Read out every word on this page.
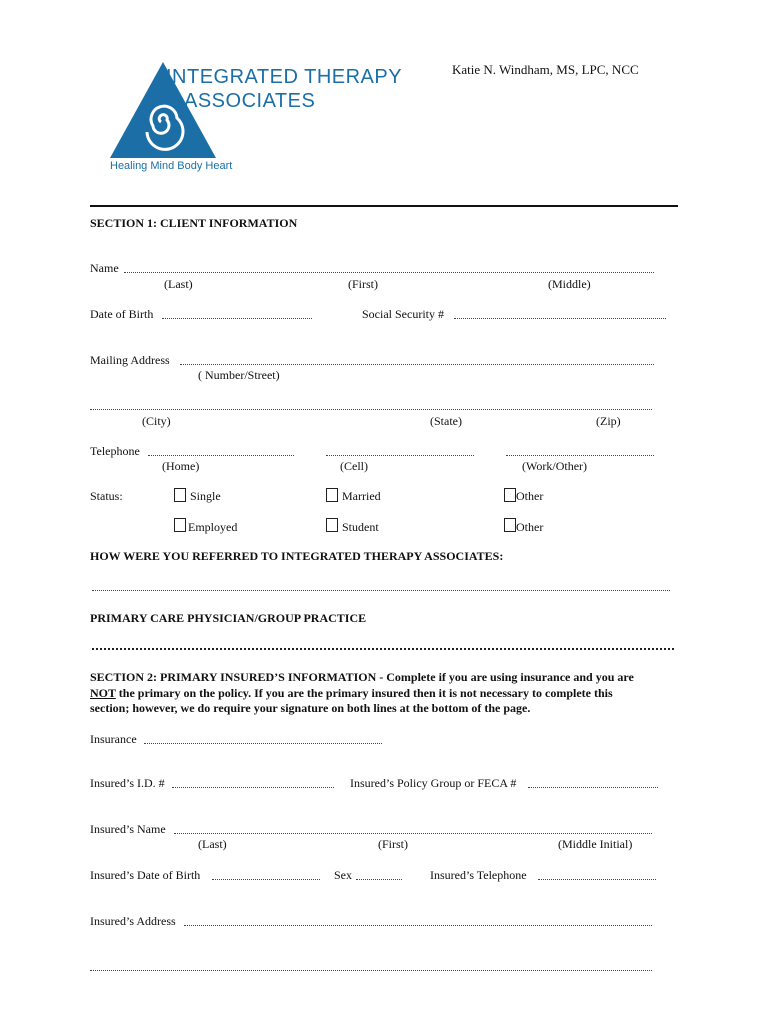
INTEGRATED THERAPY
ASSOCIATES
Healing Mind Body Heart
Katie N. Windham, MS, LPC, NCC
SECTION 1: CLIENT INFORMATION
Name
(Last)	(First)	(Middle)
Date of Birth	Social Security #
Mailing Address
( Number/Street)
(City)	(State)	(Zip)
Telephone
(Home)	(Cell)	(Work/Other)
Status:	Single	Married	Other
Employed	Student	Other
HOW WERE YOU REFERRED TO INTEGRATED THERAPY ASSOCIATES:
PRIMARY CARE PHYSICIAN/GROUP PRACTICE
SECTION 2: PRIMARY INSURED’S INFORMATION - Complete if you are using insurance and you are
NOT the primary on the policy. If you are the primary insured then it is not necessary to complete this
section; however, we do require your signature on both lines at the bottom of the page.
Insurance
Insured’s I.D. #	Insured’s Policy Group or FECA #
Insured’s Name
(Last)	(First)	(Middle Initial)
Insured’s Date of Birth	Sex	Insured’s Telephone
Insured’s Address
